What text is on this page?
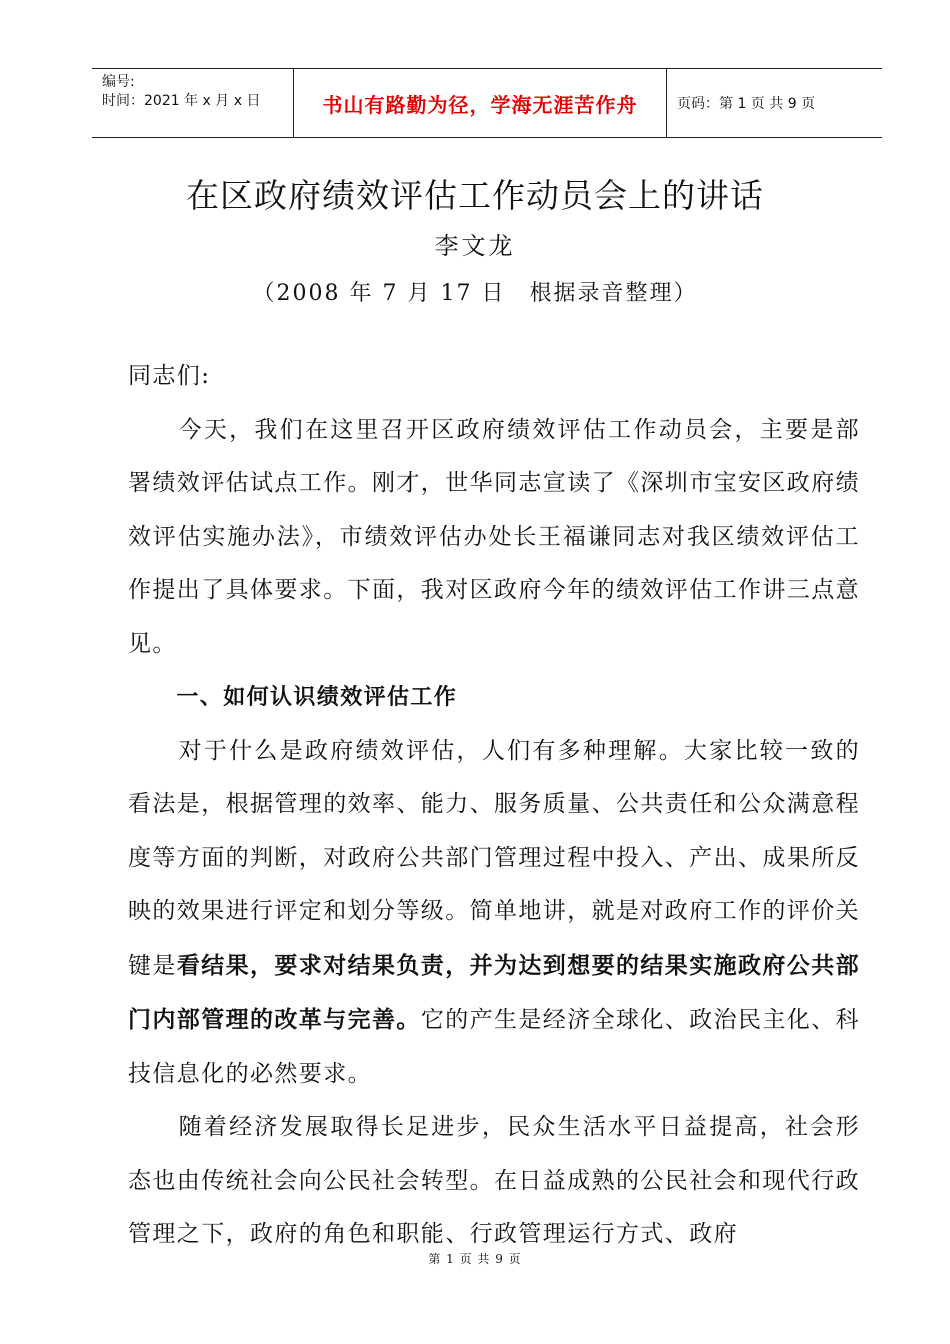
编号:
时间：2021 年 x 月 x 日	书山有路勤为径，学海无涯苦作舟	页码：第 1 页 共 9 页
在区政府绩效评估工作动员会上的讲话
李文龙
（2008 年 7 月 17 日　根据录音整理）

同志们:

今天，我们在这里召开区政府绩效评估工作动员会，主要是部署绩效评估试点工作。刚才，世华同志宣读了《深圳市宝安区政府绩效评估实施办法》，市绩效评估办处长王福谦同志对我区绩效评估工作提出了具体要求。下面，我对区政府今年的绩效评估工作讲三点意见。

一、如何认识绩效评估工作

对于什么是政府绩效评估，人们有多种理解。大家比较一致的看法是，根据管理的效率、能力、服务质量、公共责任和公众满意程度等方面的判断，对政府公共部门管理过程中投入、产出、成果所反映的效果进行评定和划分等级。简单地讲，就是对政府工作的评价关键是看结果，要求对结果负责，并为达到想要的结果实施政府公共部门内部管理的改革与完善。它的产生是经济全球化、政治民主化、科技信息化的必然要求。

随着经济发展取得长足进步，民众生活水平日益提高，社会形态也由传统社会向公民社会转型。在日益成熟的公民社会和现代行政管理之下，政府的角色和职能、行政管理运行方式、政府

第 1 页 共 9 页
